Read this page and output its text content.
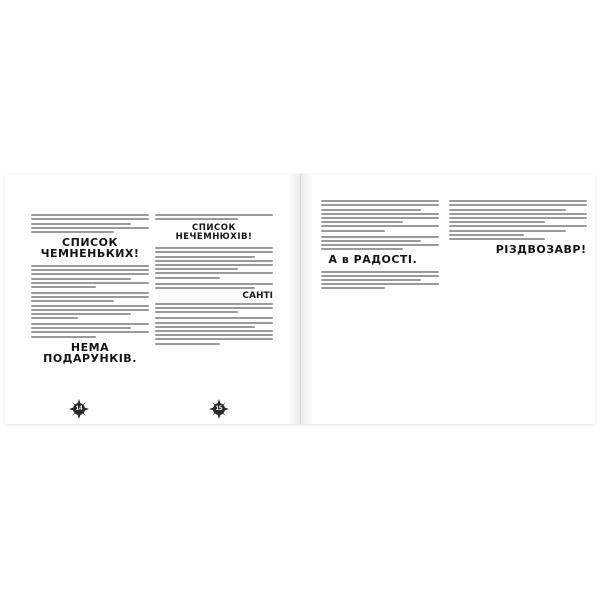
СПИСОК ЧЕМНЕНЬКИХ!
НЕМА ПОДАРУНКІВ.
14
СПИСОК НЕЧЕМНЮХІВ!
САНТІ
15
А в РАДОСТІ.
РІЗДВОЗАВР!
